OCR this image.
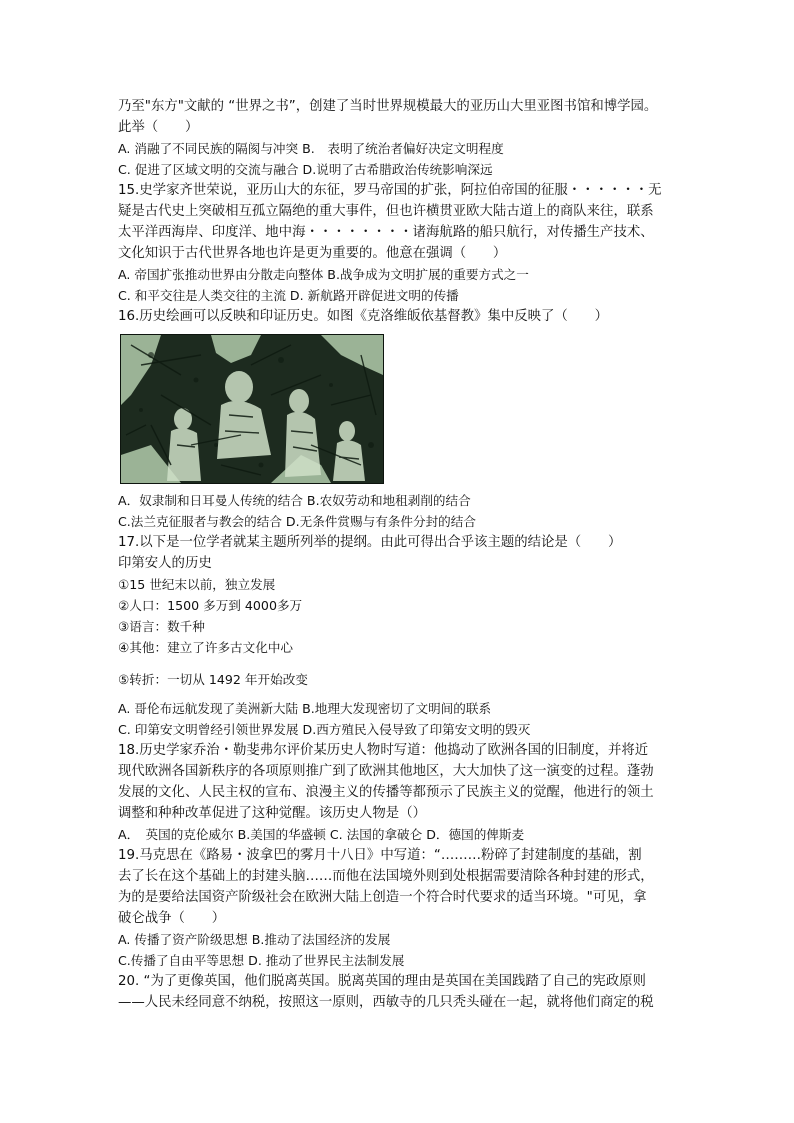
乃至"东方"文献的 “世界之书”，创建了当时世界规模最大的亚历山大里亚图书馆和博学园。
此举（　　）
A. 消融了不同民族的隔阂与冲突 B.　表明了统治者偏好决定文明程度
C. 促进了区域文明的交流与融合 D.说明了古希腊政治传统影响深远
15.史学家齐世荣说，亚历山大的东征，罗马帝国的扩张，阿拉伯帝国的征服・・・・・・无
疑是古代史上突破相互孤立隔绝的重大事件，但也许横贯亚欧大陆古道上的商队来往，联系
太平洋西海岸、印度洋、地中海・・・・・・・・诸海航路的船只航行，对传播生产技术、
文化知识于古代世界各地也许是更为重要的。他意在强调（　　）
A. 帝国扩张推动世界由分散走向整体 B.战争成为文明扩展的重要方式之一
C. 和平交往是人类交往的主流 D. 新航路开辟促进文明的传播
16.历史绘画可以反映和印证历史。如图《克洛维皈依基督教》集中反映了（　　）
A．奴隶制和日耳曼人传统的结合 B.农奴劳动和地租剥削的结合
C.法兰克征服者与教会的结合 D.无条件赏赐与有条件分封的结合
17.以下是一位学者就某主题所列举的提纲。由此可得出合乎该主题的结论是（　　）
印第安人的历史
①15 世纪末以前，独立发展
②人口：1500 多万到 4000多万
③语言：数千种
④其他：建立了许多古文化中心
⑤转折：一切从 1492 年开始改变
A. 哥伦布远航发现了美洲新大陆 B.地理大发现密切了文明间的联系
C. 印第安文明曾经引领世界发展 D.西方殖民入侵导致了印第安文明的毁灭
18.历史学家乔治・勒斐弗尔评价某历史人物时写道：他捣动了欧洲各国的旧制度，并将近
现代欧洲各国新秩序的各项原则推广到了欧洲其他地区，大大加快了这一演变的过程。蓬勃
发展的文化、人民主权的宣布、浪漫主义的传播等都预示了民族主义的觉醒，他进行的领土
调整和种种改革促进了这种觉醒。该历史人物是（）
A．　英国的克伦威尔 B.美国的华盛顿 C. 法国的拿破仑 D．德国的俾斯麦
19.马克思在《路易・波拿巴的雾月十八日》中写道：“………粉碎了封建制度的基础，割
去了长在这个基础上的封建头脑……而他在法国境外则到处根据需要清除各种封建的形式，
为的是要给法国资产阶级社会在欧洲大陆上创造一个符合时代要求的适当环境。"可见，拿
破仑战争（　　）
A. 传播了资产阶级思想 B.推动了法国经济的发展
C.传播了自由平等思想 D. 推动了世界民主法制发展
20. “为了更像英国，他们脱离英国。脱离英国的理由是英国在美国践踏了自己的宪政原则
——人民未经同意不纳税，按照这一原则，西敏寺的几只秃头碰在一起，就将他们商定的税
